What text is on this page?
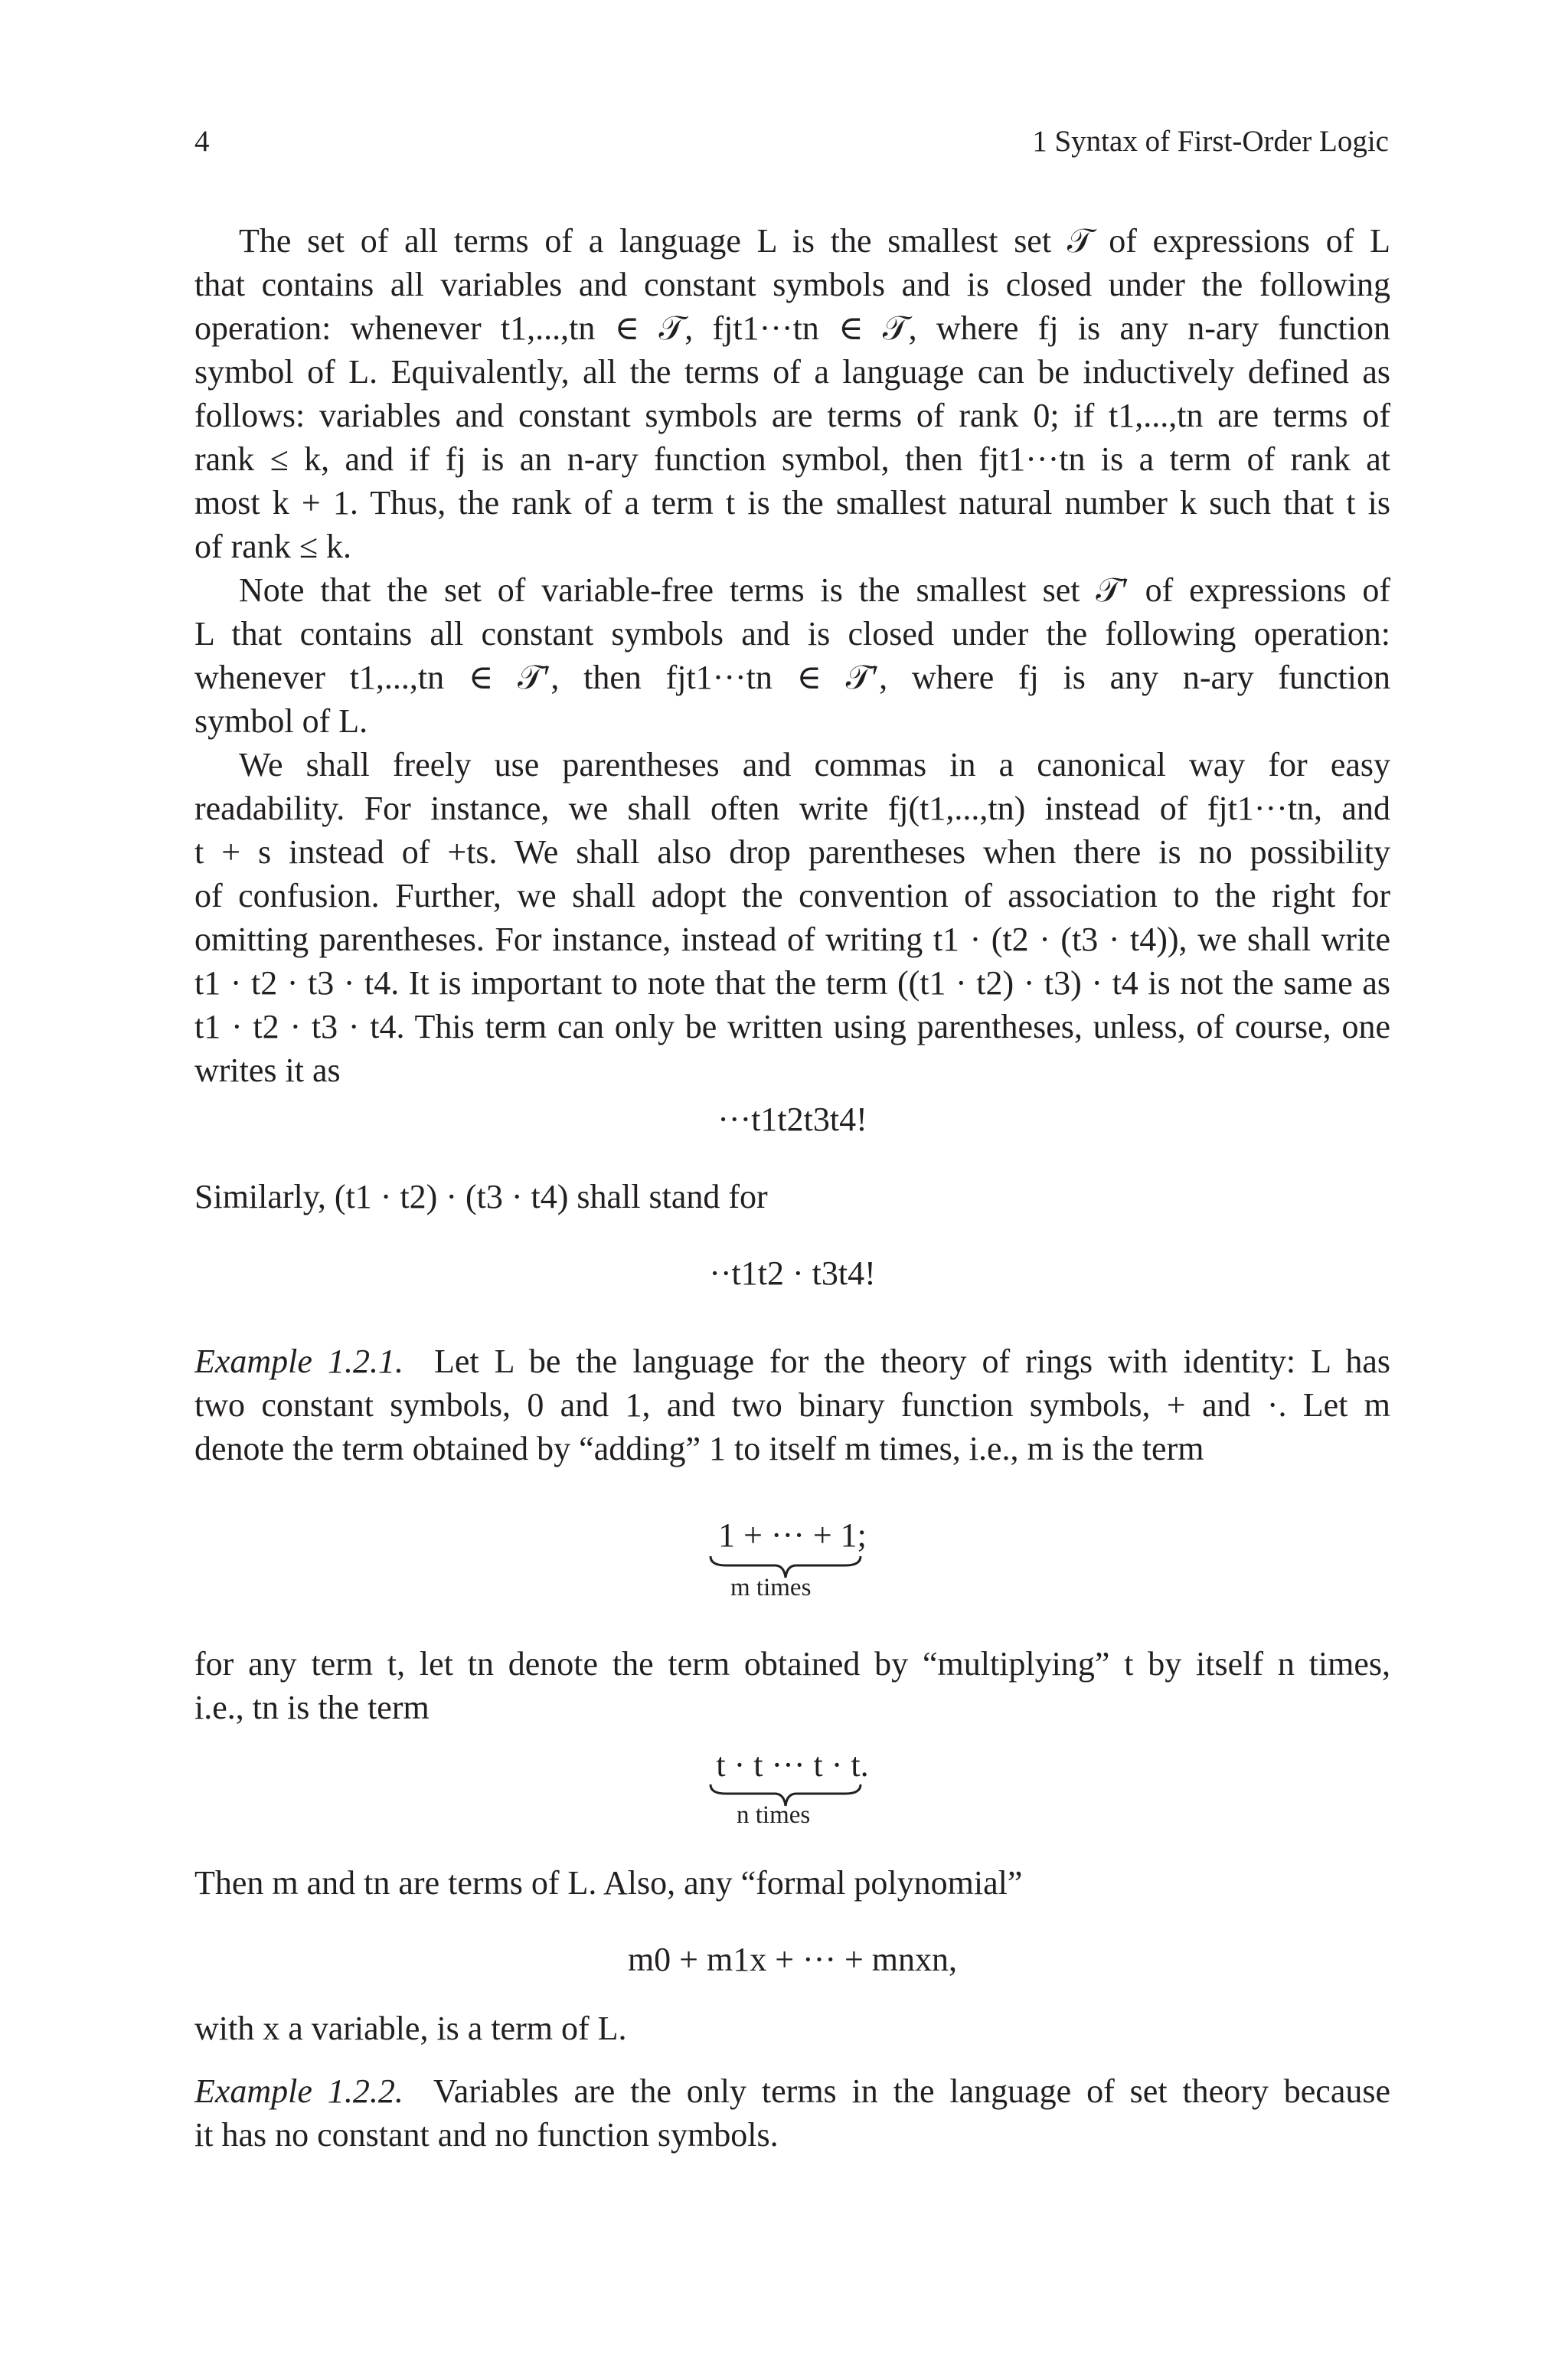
4	1 Syntax of First-Order Logic
The set of all terms of a language L is the smallest set 𝒯 of expressions of L
that contains all variables and constant symbols and is closed under the following
operation: whenever t1,...,tn ∈ 𝒯, fjt1···tn ∈ 𝒯, where fj is any n-ary function
symbol of L. Equivalently, all the terms of a language can be inductively defined as
follows: variables and constant symbols are terms of rank 0; if t1,...,tn are terms of
rank ≤ k, and if fj is an n-ary function symbol, then fjt1···tn is a term of rank at
most k + 1. Thus, the rank of a term t is the smallest natural number k such that t is
of rank ≤ k.
Note that the set of variable-free terms is the smallest set 𝒯′ of expressions of
L that contains all constant symbols and is closed under the following operation:
whenever t1,...,tn ∈ 𝒯′, then fjt1···tn ∈ 𝒯′, where fj is any n-ary function
symbol of L.
We shall freely use parentheses and commas in a canonical way for easy
readability. For instance, we shall often write fj(t1,...,tn) instead of fjt1···tn, and
t + s instead of +ts. We shall also drop parentheses when there is no possibility
of confusion. Further, we shall adopt the convention of association to the right for
omitting parentheses. For instance, instead of writing t1 · (t2 · (t3 · t4)), we shall write
t1 · t2 · t3 · t4. It is important to note that the term ((t1 · t2) · t3) · t4 is not the same as
t1 · t2 · t3 · t4. This term can only be written using parentheses, unless, of course, one
writes it as
···t1t2t3t4!
Similarly, (t1 · t2) · (t3 · t4) shall stand for
··t1t2 · t3t4!
Example 1.2.1. Let L be the language for the theory of rings with identity: L has
two constant symbols, 0 and 1, and two binary function symbols, + and ·. Let m
denote the term obtained by “adding” 1 to itself m times, i.e., m is the term
1 + ··· + 1;
m times
for any term t, let tn denote the term obtained by “multiplying” t by itself n times,
i.e., tn is the term
t · t ··· t · t.
n times
Then m and tn are terms of L. Also, any “formal polynomial”
m0 + m1x + ··· + mnxn,
with x a variable, is a term of L.
Example 1.2.2. Variables are the only terms in the language of set theory because
it has no constant and no function symbols.
